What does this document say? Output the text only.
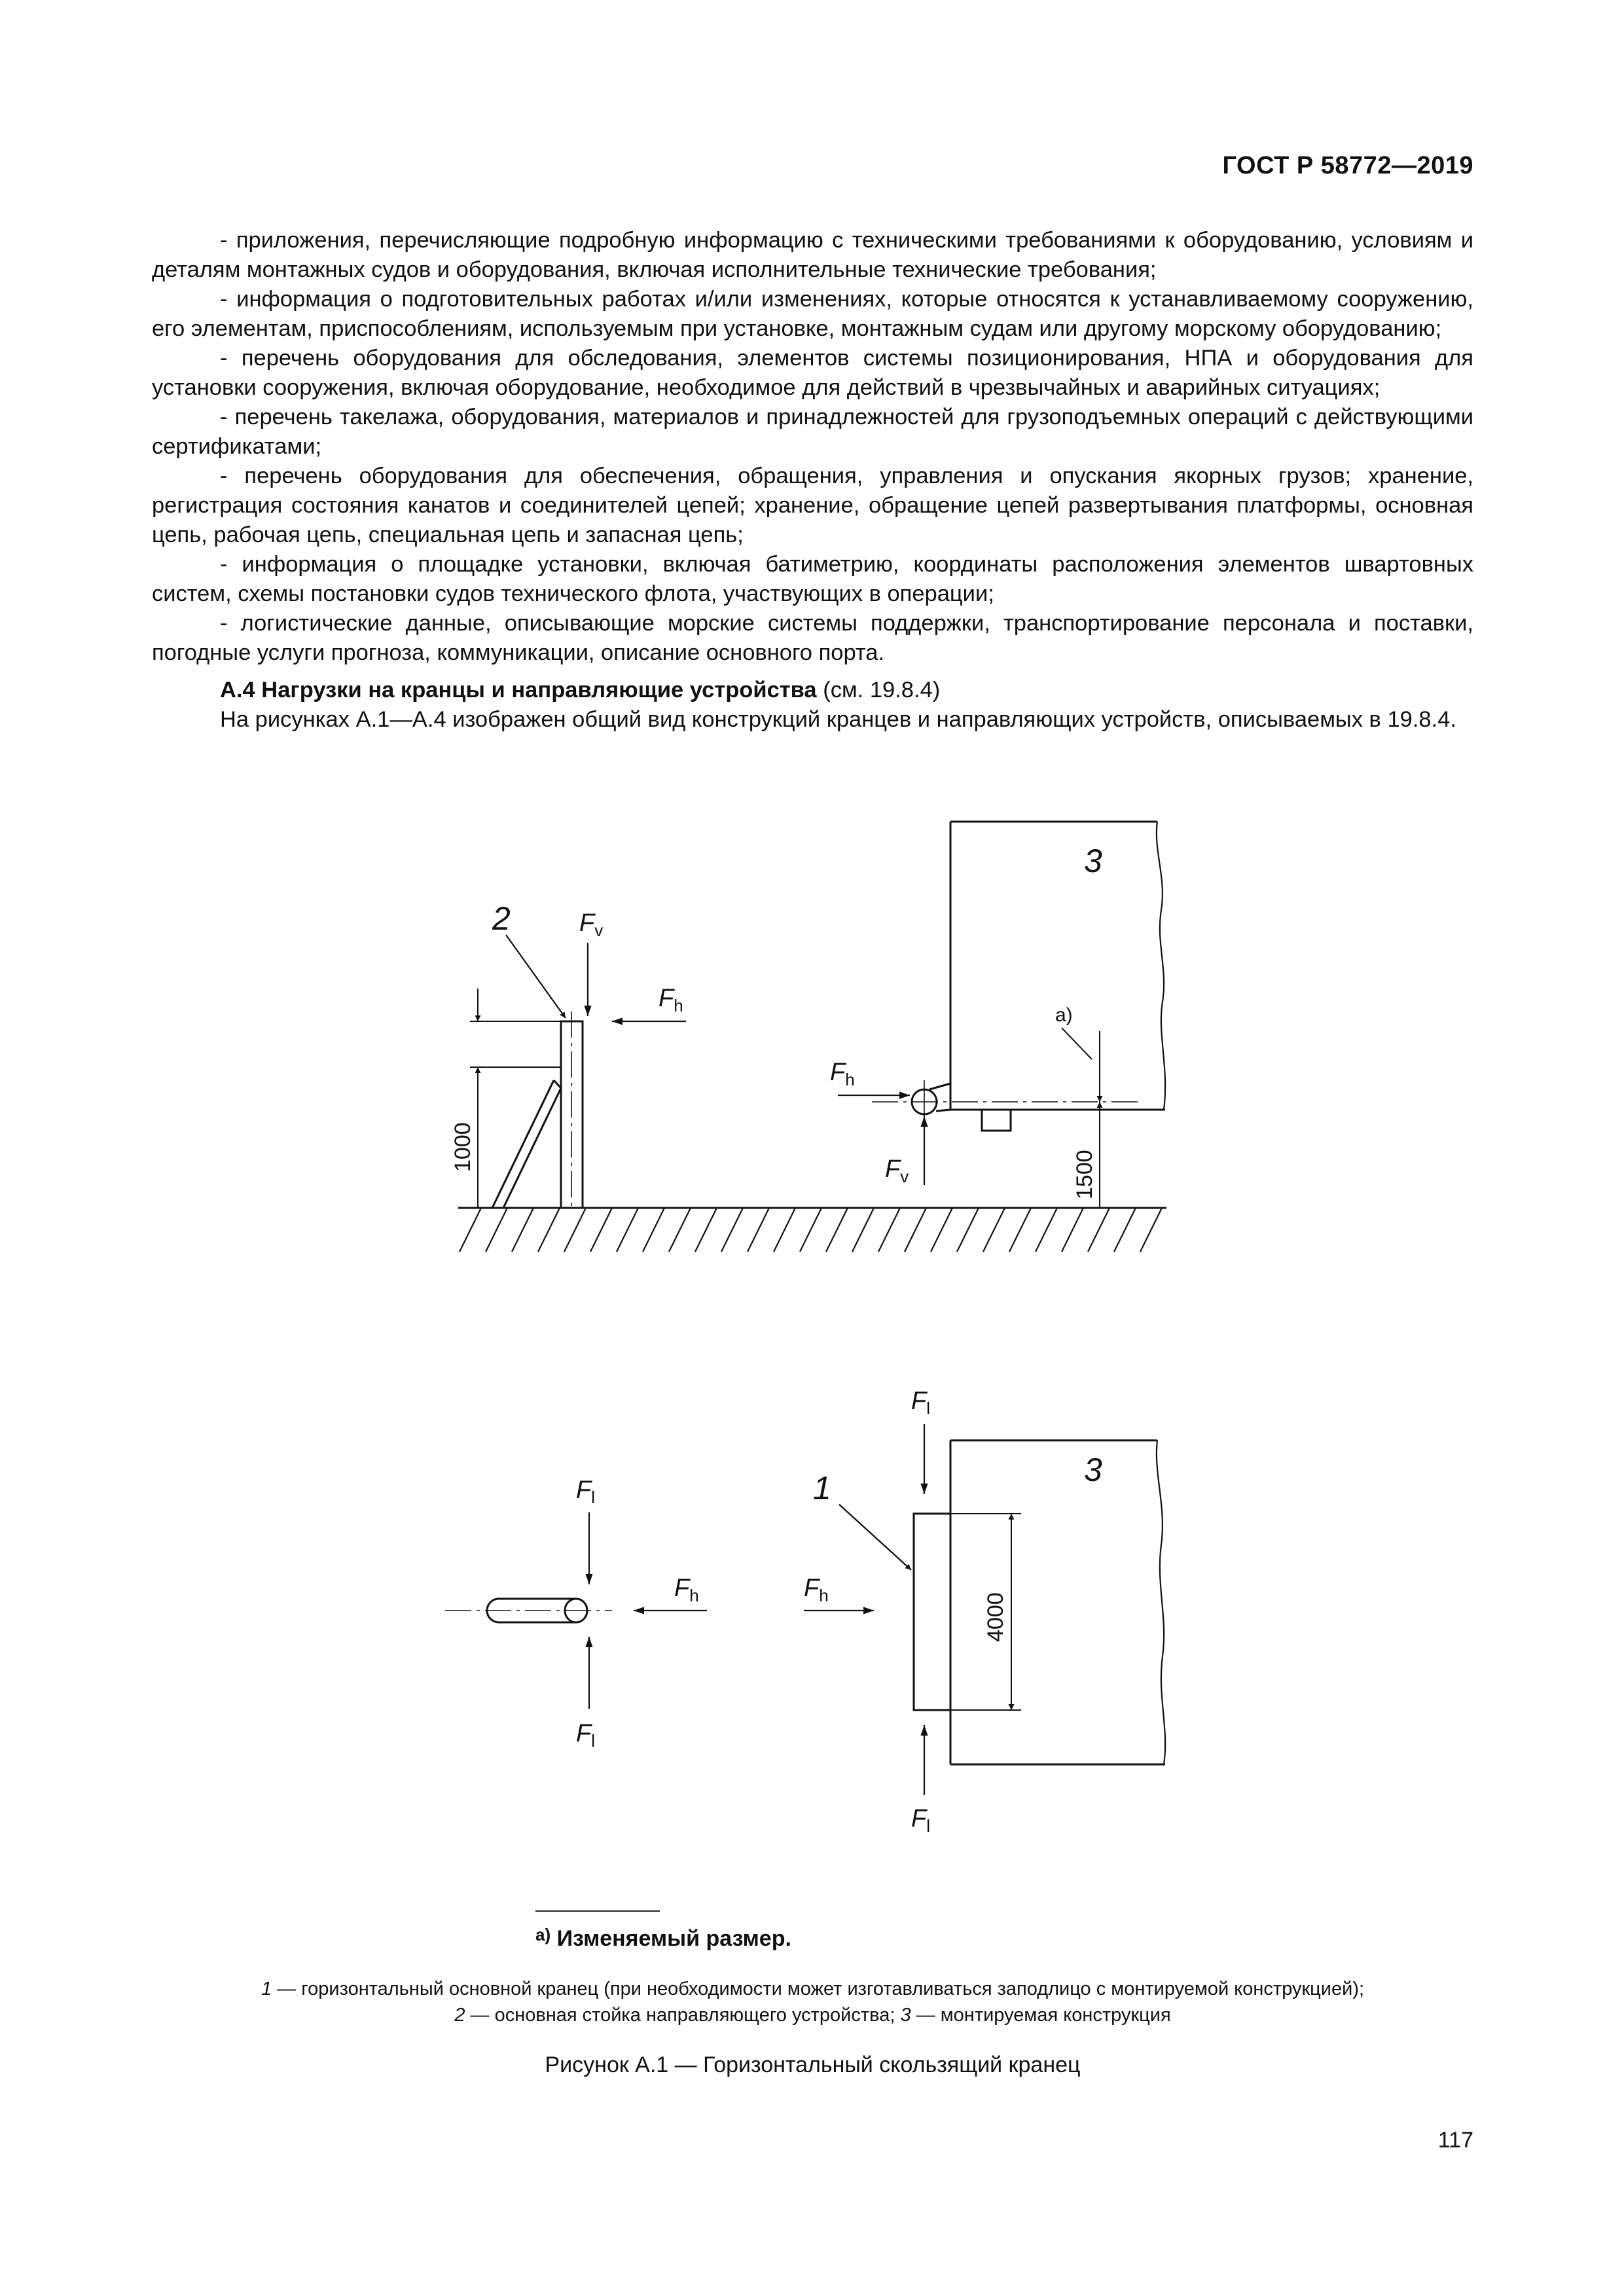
ГОСТ Р 58772—2019

- приложения, перечисляющие подробную информацию с техническими требованиями к оборудованию, условиям и деталям монтажных судов и оборудования, включая исполнительные технические требования;

- информация о подготовительных работах и/или изменениях, которые относятся к устанавливаемому сооружению, его элементам, приспособлениям, используемым при установке, монтажным судам или другому морскому оборудованию;

- перечень оборудования для обследования, элементов системы позиционирования, НПА и оборудования для установки сооружения, включая оборудование, необходимое для действий в чрезвычайных и аварийных ситуациях;

- перечень такелажа, оборудования, материалов и принадлежностей для грузоподъемных операций с действующими сертификатами;

- перечень оборудования для обеспечения, обращения, управления и опускания якорных грузов; хранение, регистрация состояния канатов и соединителей цепей; хранение, обращение цепей развертывания платформы, основная цепь, рабочая цепь, специальная цепь и запасная цепь;

- информация о площадке установки, включая батиметрию, координаты расположения элементов швартовных систем, схемы постановки судов технического флота, участвующих в операции;

- логистические данные, описывающие морские системы поддержки, транспортирование персонала и поставки, погодные услуги прогноза, коммуникации, описание основного порта.

А.4 Нагрузки на кранцы и направляющие устройства (см. 19.8.4)

На рисунках А.1—А.4 изображен общий вид конструкций кранцев и направляющих устройств, описываемых в 19.8.4.

2
3
1	3
$F_v$
$F_h$
$F_h$
$F_v$
$F_l$
$F_l$
$F_h$	$F_h$
$F_l$
$F_l$
а)
1000
1500
4000
$^{а)}$ Изменяемый размер.

1 — горизонтальный основной кранец (при необходимости может изготавливаться заподлицо с монтируемой конструкцией);

2 — основная стойка направляющего устройства; 3 — монтируемая конструкция

Рисунок А.1 — Горизонтальный скользящий кранец
117
